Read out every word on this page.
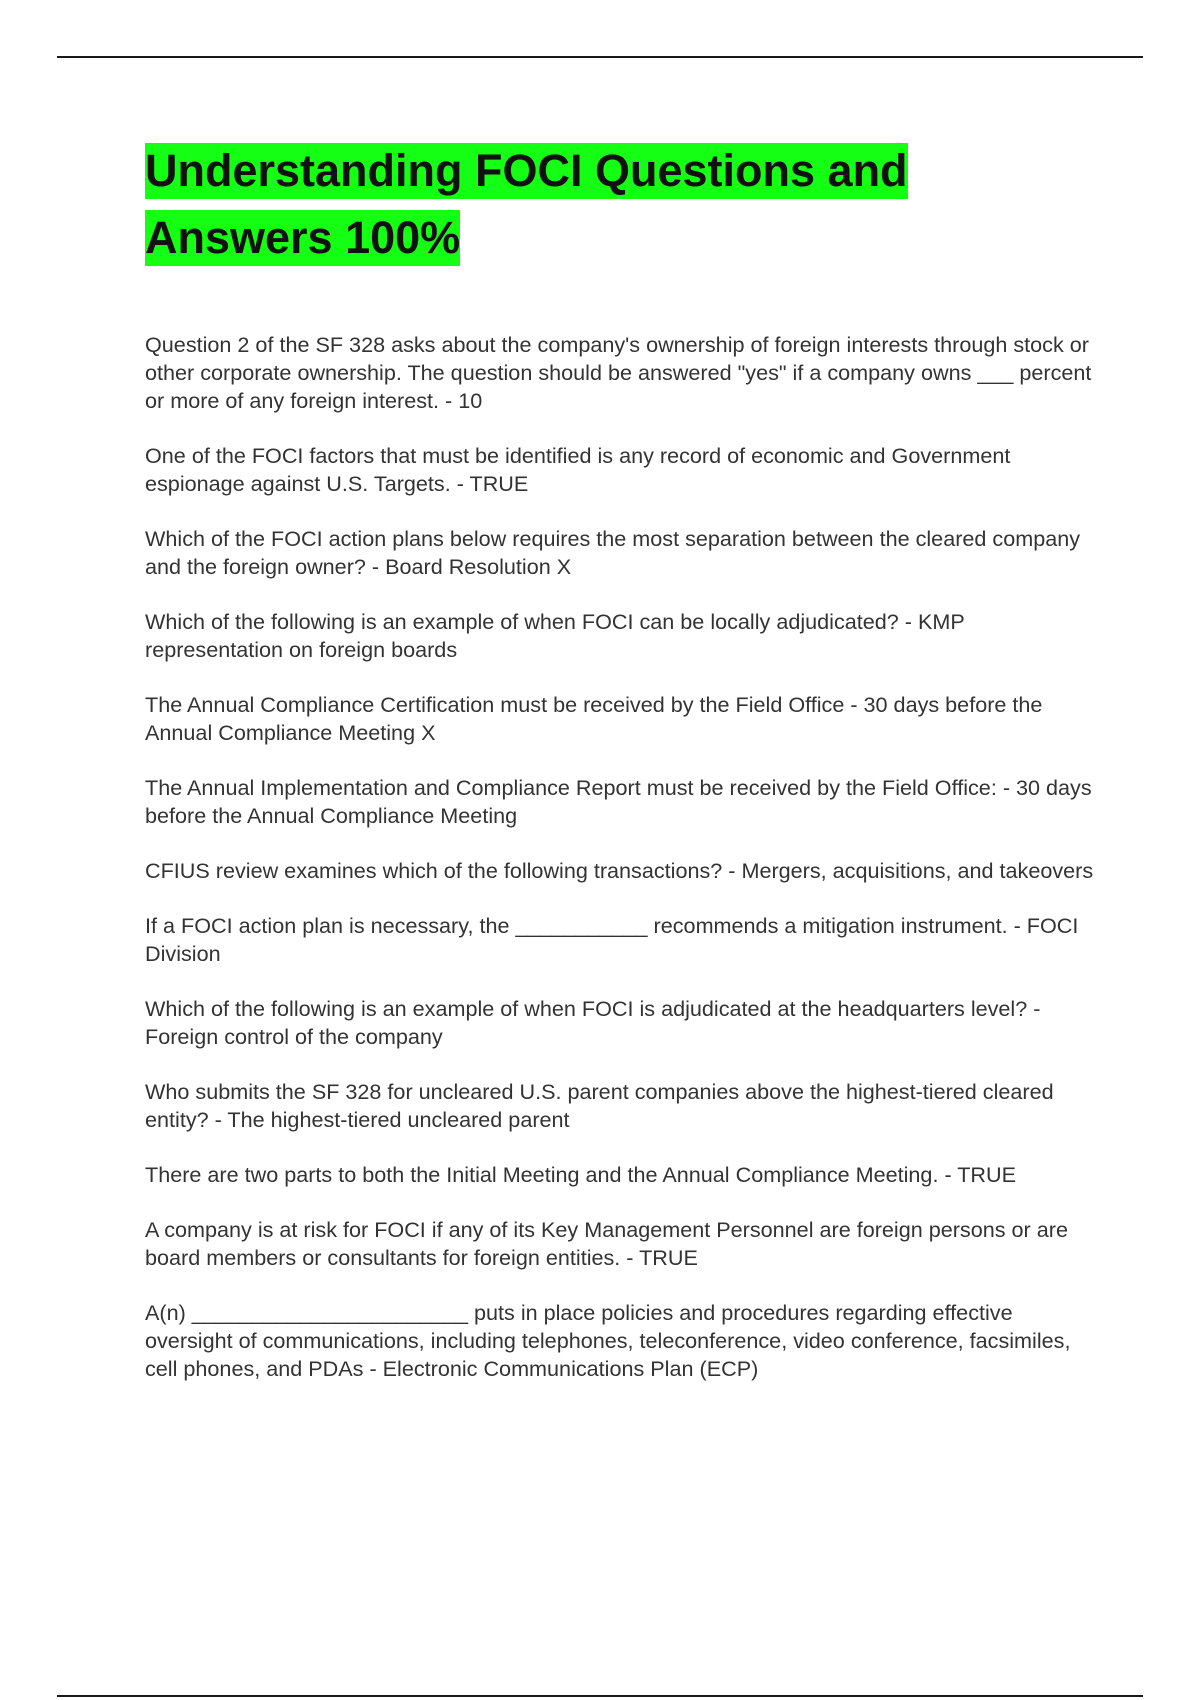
Understanding FOCI Questions and
Answers 100%

Question 2 of the SF 328 asks about the company's ownership of foreign interests through stock or other corporate ownership. The question should be answered "yes" if a company owns ___ percent or more of any foreign interest. - 10

One of the FOCI factors that must be identified is any record of economic and Government espionage against U.S. Targets. - TRUE

Which of the FOCI action plans below requires the most separation between the cleared company and the foreign owner? - Board Resolution X

Which of the following is an example of when FOCI can be locally adjudicated? - KMP representation on foreign boards

The Annual Compliance Certification must be received by the Field Office - 30 days before the Annual Compliance Meeting X

The Annual Implementation and Compliance Report must be received by the Field Office: - 30 days before the Annual Compliance Meeting

CFIUS review examines which of the following transactions? - Mergers, acquisitions, and takeovers

If a FOCI action plan is necessary, the ___________ recommends a mitigation instrument. - FOCI Division

Which of the following is an example of when FOCI is adjudicated at the headquarters level? - Foreign control of the company

Who submits the SF 328 for uncleared U.S. parent companies above the highest-tiered cleared entity? - The highest-tiered uncleared parent

There are two parts to both the Initial Meeting and the Annual Compliance Meeting. - TRUE

A company is at risk for FOCI if any of its Key Management Personnel are foreign persons or are board members or consultants for foreign entities. - TRUE

A(n) _______________________ puts in place policies and procedures regarding effective oversight of communications, including telephones, teleconference, video conference, facsimiles, cell phones, and PDAs - Electronic Communications Plan (ECP)
